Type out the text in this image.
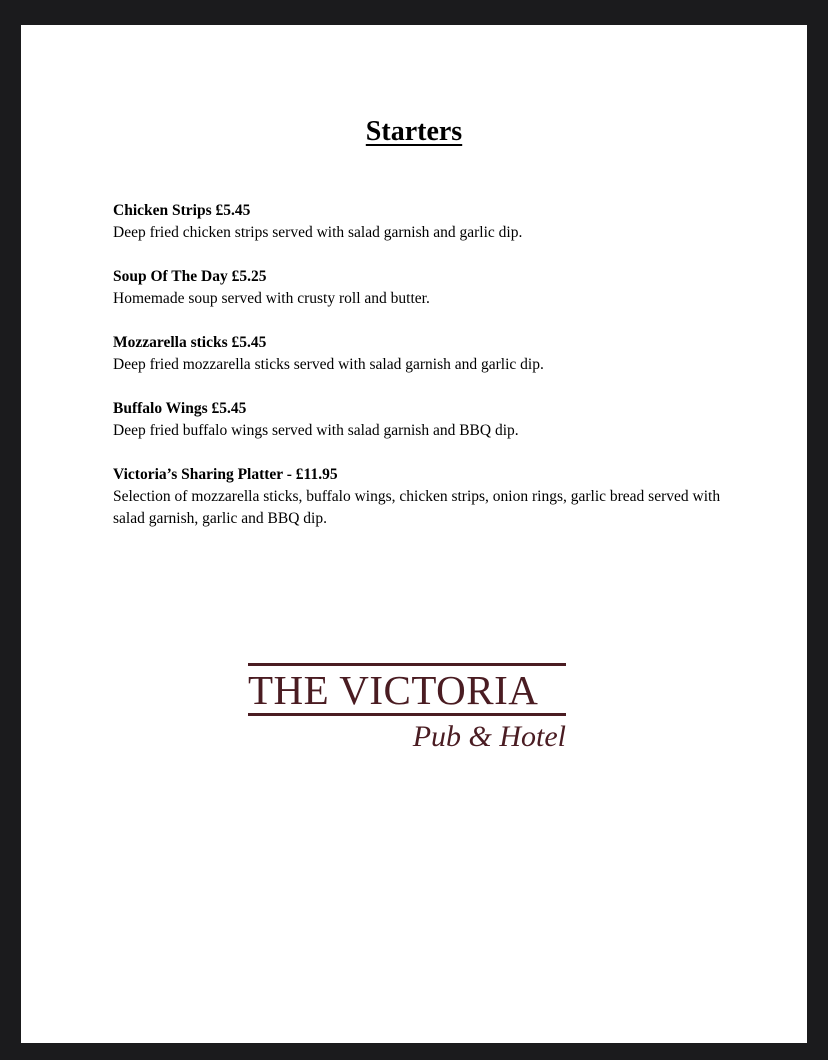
Starters
Chicken Strips £5.45
Deep fried chicken strips served with salad garnish and garlic dip.
Soup Of The Day £5.25
Homemade soup served with crusty roll and butter.
Mozzarella sticks £5.45
Deep fried mozzarella sticks served with salad garnish and garlic dip.
Buffalo Wings £5.45
Deep fried buffalo wings served with salad garnish and BBQ dip.
Victoria’s Sharing Platter - £11.95
Selection of mozzarella sticks, buffalo wings, chicken strips, onion rings, garlic bread served with salad garnish, garlic and BBQ dip.
THE VICTORIA
Pub & Hotel
